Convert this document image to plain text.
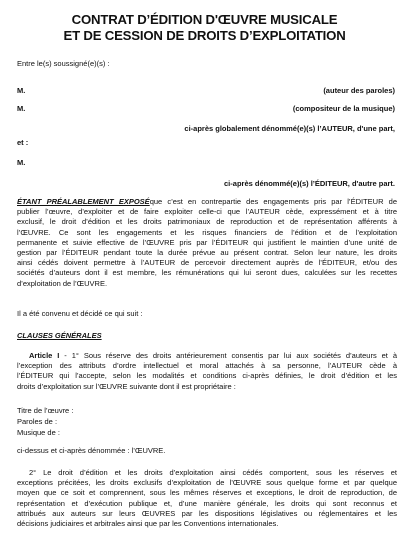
CONTRAT D’ÉDITION D'ŒUVRE MUSICALE
ET DE CESSION DE DROITS D’EXPLOITATION
Entre le(s) soussigné(e)(s) :
M.	(auteur des paroles)
M.	(compositeur de la musique)
ci-après globalement dénommé(e)(s) l’AUTEUR, d'une part,
et :
M.
ci-après dénommé(e)(s) l’ÉDITEUR, d'autre part.
ÉTANT PRÉALABLEMENT EXPOSÉque c’est en contrepartie des engagements pris par l’ÉDITEUR de
publier l’œuvre, d’exploiter et de faire exploiter celle-ci que l’AUTEUR cède, expressément et à titre
exclusif, le droit d’édition et les droits patrimoniaux de reproduction et de représentation afférents à
l’ŒUVRE. Ce sont les engagements et les risques financiers de l’édition et de l’exploitation
permanente et suivie effective de l’ŒUVRE pris par l’ÉDITEUR qui justifient le maintien d’une unité de
gestion par l’ÉDITEUR pendant toute la durée prévue au présent contrat. Selon leur nature, les droits
ainsi cédés doivent permettre à l’AUTEUR de percevoir directement auprès de l’ÉDITEUR, et/ou des
sociétés d’auteurs dont il est membre, les rémunérations qui lui seront dues, calculées sur les recettes
d’exploitation de l’ŒUVRE.
Il a été convenu et décidé ce qui suit :
CLAUSES GÉNÉRALES
Article I - 1° Sous réserve des droits antérieurement consentis par lui aux sociétés d’auteurs et à
l’exception des attributs d’ordre intellectuel et moral attachés à sa personne, l’AUTEUR cède à
l’ÉDITEUR qui l’accepte, selon les modalités et conditions ci-après définies, le droit d’édition et les
droits d’exploitation sur l’ŒUVRE suivante dont il est propriétaire :
Titre de l’œuvre :
Paroles de :
Musique de :
ci-dessus et ci-après dénommée : l’ŒUVRE.
2° Le droit d’édition et les droits d’exploitation ainsi cédés comportent, sous les réserves et
exceptions précitées, les droits exclusifs d’exploitation de l’ŒUVRE sous quelque forme et par quelque
moyen que ce soit et comprennent, sous les mêmes réserves et exceptions, le droit de reproduction, de
représentation et d’exécution publique et, d’une manière générale, les droits qui sont reconnus et
attribués aux auteurs sur leurs ŒUVRES par les dispositions législatives ou réglementaires et les
décisions judiciaires et arbitrales ainsi que par les Conventions internationales.
